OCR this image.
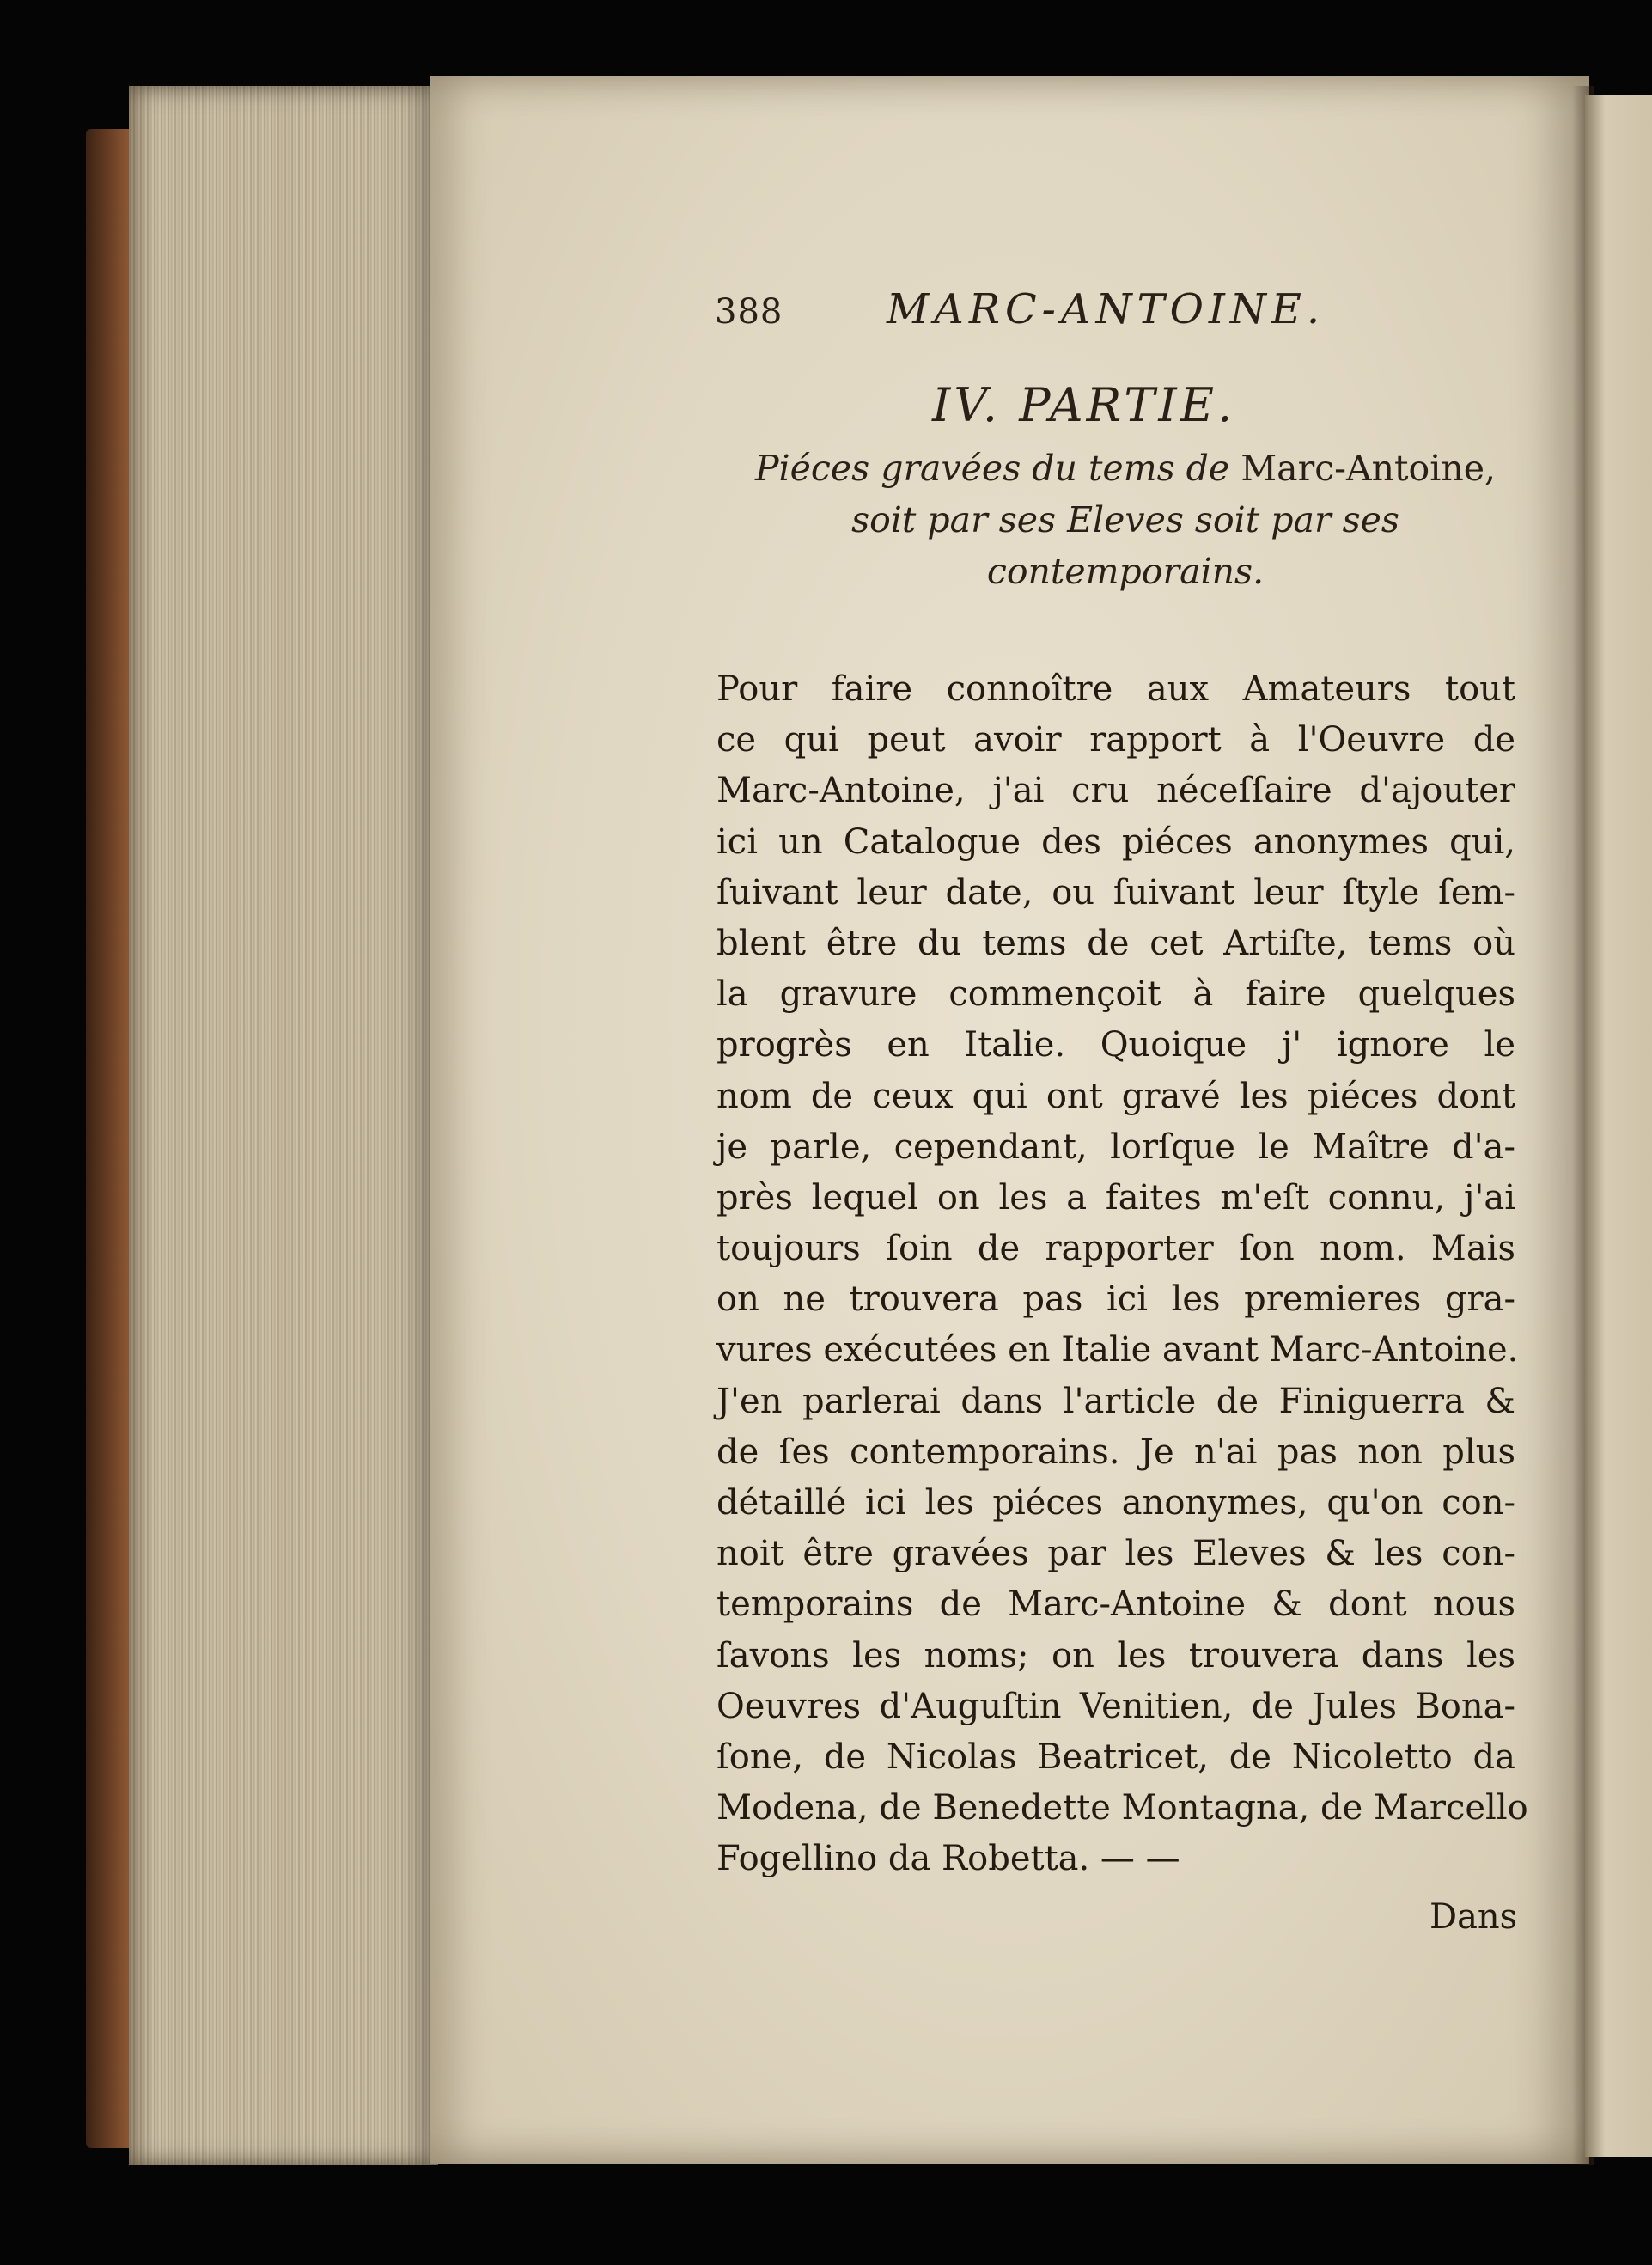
388	MARC-ANTOINE.
IV. PARTIE.
Piéces gravées du tems de Marc-Antoine,
soit par ses Eleves soit par ses
contemporains.
Pour faire connoître aux Amateurs tout
ce qui peut avoir rapport à l'Oeuvre de
Marc-Antoine, j'ai cru néceſſaire d'ajouter
ici un Catalogue des piéces anonymes qui,
ſuivant leur date, ou ſuivant leur ſtyle ſem-
blent être du tems de cet Artiſte, tems où
la gravure commençoit à faire quelques
progrès en Italie. Quoique j' ignore le
nom de ceux qui ont gravé les piéces dont
je parle, cependant, lorſque le Maître d'a-
près lequel on les a faites m'eſt connu, j'ai
toujours ſoin de rapporter ſon nom. Mais
on ne trouvera pas ici les premieres gra-
vures exécutées en Italie avant Marc-Antoine.
J'en parlerai dans l'article de Finiguerra &
de ſes contemporains. Je n'ai pas non plus
détaillé ici les piéces anonymes, qu'on con-
noit être gravées par les Eleves & les con-
temporains de Marc-Antoine & dont nous
ſavons les noms; on les trouvera dans les
Oeuvres d'Auguſtin Venitien, de Jules Bona-
ſone, de Nicolas Beatricet, de Nicoletto da
Modena, de Benedette Montagna, de Marcello
Fogellino da Robetta. — —
Dans
